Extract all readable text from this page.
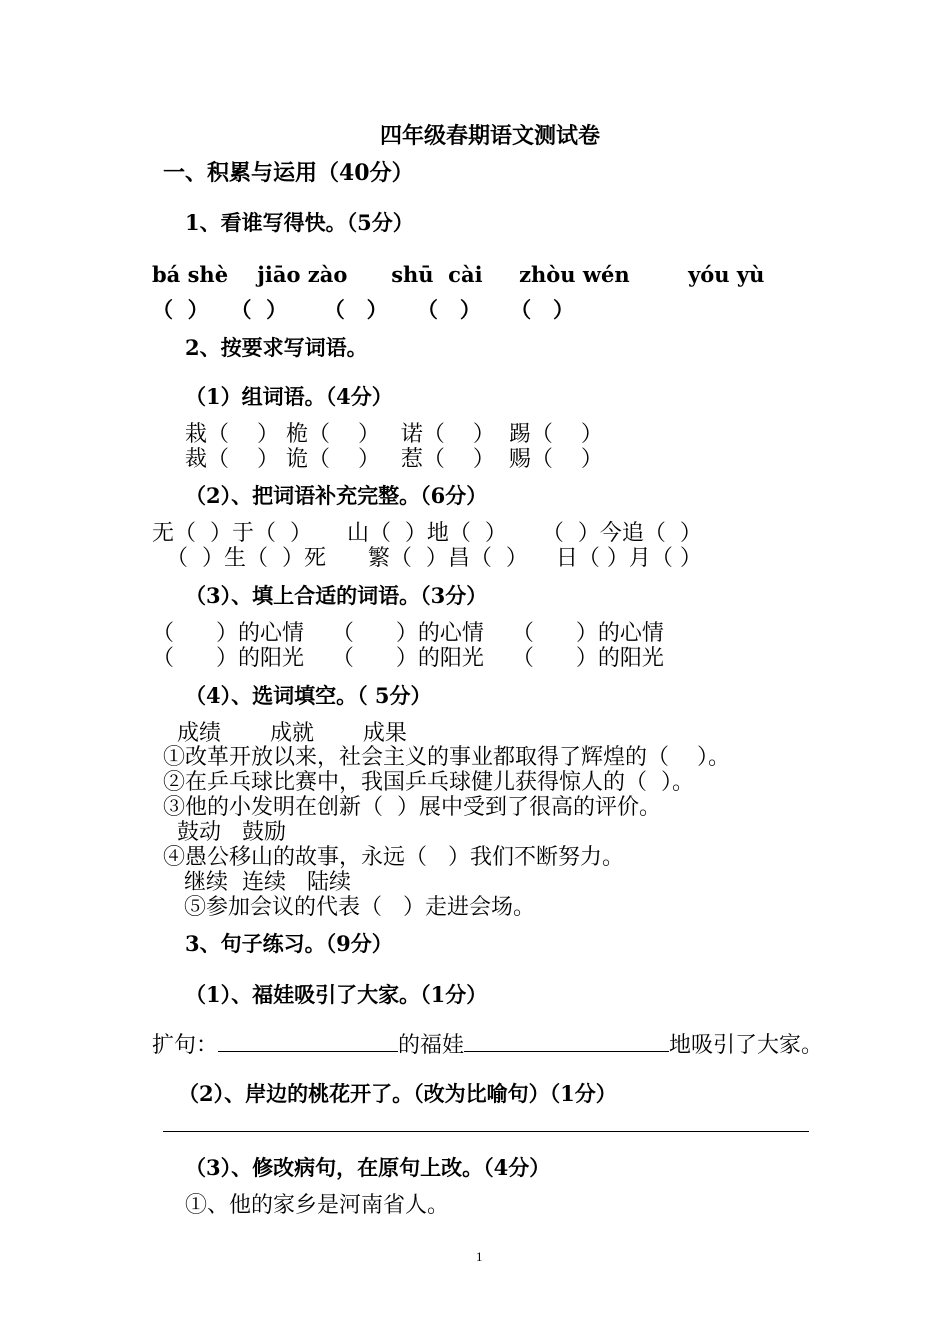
四年级春期语文测试卷
一、积累与运用（40分）
1、看谁写得快。（5分）
bá shè    jiāo zào      shū  cài     zhòu wén        yóu yù
（  ）   （  ）     （   ）    （   ）    （   ）
2、按要求写词语。
（1）组词语。（4分）
栽（    ） 桅（    ）   诺（    ）  踢（    ）
裁（    ） 诡（    ）   惹（    ）  赐（    ）
（2）、把词语补充完整。（6分）
无（  ）于（  ）     山（  ）地（  ）     （  ）今追（  ）
（  ）生（  ）死      繁（  ）昌（  ）    日（ ）月（ ）
（3）、填上合适的词语。（3分）
（      ）的心情    （      ）的心情    （      ）的心情
（      ）的阳光    （      ）的阳光    （      ）的阳光
（4）、选词填空。（ 5分）
成绩       成就       成果
①改革开放以来，社会主义的事业都取得了辉煌的（    ）。
②在乒乓球比赛中，我国乒乓球健儿获得惊人的（  ）。
③他的小发明在创新（  ）展中受到了很高的评价。
鼓动   鼓励
④愚公移山的故事，永远（   ）我们不断努力。
继续  连续   陆续
⑤参加会议的代表（   ）走进会场。
3、句子练习。（9分）
（1）、福娃吸引了大家。（1分）
扩句：	的福娃	地吸引了大家。
（2）、岸边的桃花开了。（改为比喻句）（1分）
（3）、修改病句，在原句上改。（4分）
①、他的家乡是河南省人。
1
